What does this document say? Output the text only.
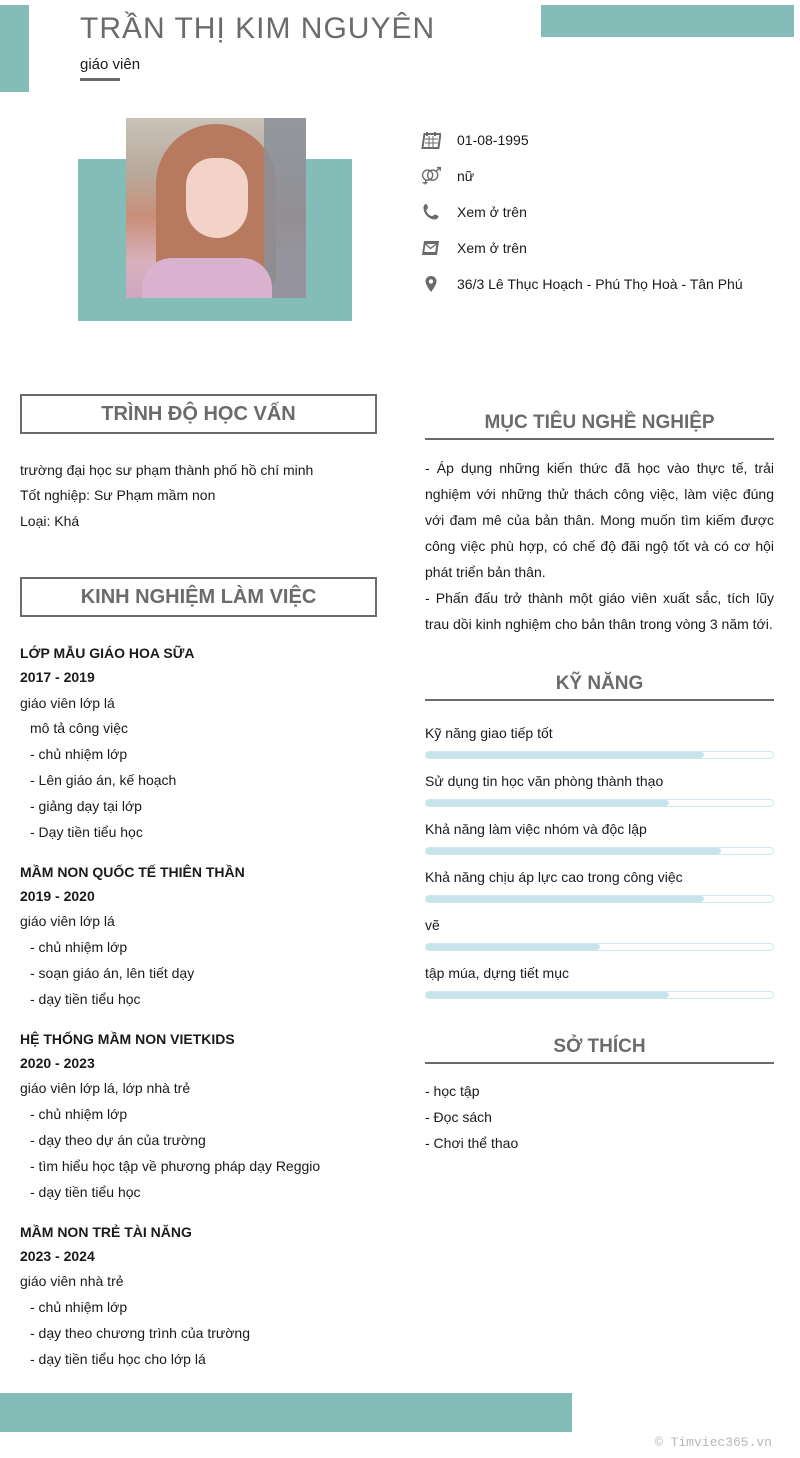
TRẦN THỊ KIM NGUYÊN
giáo viên
01-08-1995
nữ
Xem ở trên
Xem ở trên
36/3 Lê Thục Hoạch - Phú Thọ Hoà - Tân Phú
TRÌNH ĐỘ HỌC VẤN
trường đại học sư phạm thành phố hồ chí minh
Tốt nghiệp: Sư Phạm mầm non
Loại: Khá
KINH NGHIỆM LÀM VIỆC
LỚP MẪU GIÁO HOA SỮA
2017 - 2019
giáo viên lớp lá
mô tả công việc
- chủ nhiệm lớp
- Lên giáo án, kế hoạch
- giảng dạy tại lớp
- Dạy tiền tiểu học
MẦM NON QUỐC TẾ THIÊN THẦN
2019 - 2020
giáo viên lớp lá
- chủ nhiệm lớp
- soạn giáo án, lên tiết dạy
- dạy tiền tiểu học
HỆ THỐNG MẦM NON VIETKIDS
2020 - 2023
giáo viên lớp lá, lớp nhà trẻ
- chủ nhiệm lớp
- dạy theo dự án của trường
- tìm hiểu học tập về phương pháp dạy Reggio
- dạy tiền tiểu học
MẦM NON TRẺ TÀI NĂNG
2023 - 2024
giáo viên nhà trẻ
- chủ nhiệm lớp
- dạy theo chương trình của trường
- dạy tiền tiểu học cho lớp lá
MỤC TIÊU NGHỀ NGHIỆP

- Áp dụng những kiến thức đã học vào thực tế, trải nghiệm với những thử thách công việc, làm việc đúng với đam mê của bản thân. Mong muốn tìm kiếm được công việc phù hợp, có chế độ đãi ngộ tốt và có cơ hội phát triển bản thân.

- Phấn đấu trở thành một giáo viên xuất sắc, tích lũy trau dồi kinh nghiệm cho bản thân trong vòng 3 năm tới.

KỸ NĂNG
Kỹ năng giao tiếp tốt
Sử dụng tin học văn phòng thành thạo
Khả năng làm việc nhóm và độc lập
Khả năng chịu áp lực cao trong công việc
vẽ
tập múa, dựng tiết mục
SỞ THÍCH
- học tập
- Đọc sách
- Chơi thể thao
© Timviec365.vn
